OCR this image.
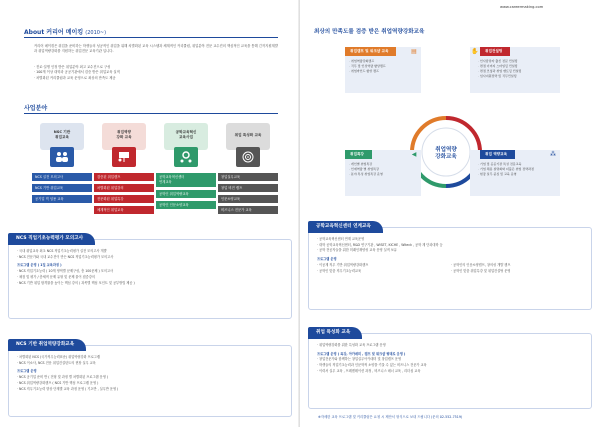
About 커리어 메이킹 (2010~)
커리어 메이킹은 취업을 준비하는 학생들의 성공적인 취업을 위해 차별화된 교육 시스템과 체계적인 커리큘럼, 취업분야 전문 교수진의 핵심적인 교육을 통해 긴작지원계발과 취업역량강화를 지원하는 취업전문 교육기관 입니다.
· 진로·설명 인정 받은 취업분야 최고 교수진으로 구성
· 100개 이상 대학과 공공기관에서 검증 받은 취업교육 실적
· 차별화된 커리큘럼과 교육 운영으로 최상의 만족도 제공
사업분야
NSC 기반
취업교육
NCS 실전 모의고사
NCS 기반 취업교육
공기업 빅 임용 교육
취업역량
강화 교육
검증된 취업캠프
차별화된 취업강의
전문화된 취업특강
체계적인 취업교육
공학교육혁신
교육사업
공학교육혁신센터
연계교육
공학인 취업역량교육
공학인 인문소양교육
취업 특성화 교육
창업실무교육
창업 비전 캠프
인문소양교육
비즈니스 전문가 교육
NCS 직업기초능력평가 모의고사
· 국내 취업교육 최초 NCS 직업기초능력평가 실전 모의고사 개발
· NCS 전문가와 국내 교수진이 만든 NCS 직업기초능력평가 모의고사
프로그램 운영 ( 1일 교육과정 )
· NCS 직업기초능력 ( 10개 영역별 문제구성, 총 100문제 ) 모의고사
· 채점 및 평가 / 총체적 문제 유형 및 문제 풀이 집중강의
· NCS 기반 취업 합격률을 높이는 핵심 강의 ( 과목별 핵심 포인트 및 공부방법 제공 )
NCS 기반 취업역량강화교육
· 차별화된 NCS (국가직무능력표준) 취업역량강화 프로그램
· NCS 이소사, NCS 전문 취업컨설턴트의 현장 실무 교육
프로그램 운영
· NCS 공기업 준비 반 ( 전형 및 과정 별 차별화된 프로그램 운영 )
· NCS 취업역량강화캠프 ( NCS 기반 핵심 프로그램 운영 )
· NCS 직무기초능력 향상 단계별 교육 과정 운영 ( 기초반 , 실무반 운영 )
www.careermaking.com
최상의 만족도를 검증 받은 취업역량강화교육
취업역량
강화교육
취업캠프 및 워크샵 교육	▤
· 취업역량강화캠프
· 직무 및 인성역량 향상캠프
· 취업마인드 향상 캠프
취업컨설팅
✋
· 인사담당자 출신 전문 컨설팅
· 면접 이미지 스타일링 컨설팅
· 면접 코칭과 취업 멘토링 컨설팅
· 입사지원전략 및 직무컨설팅
취업특강	◀
· 개인별 취업특강
· 인재역량 별 취업특강
· 분야 특성 취업특강 운영
취업 역량교육	⁂
· 기업 및 공공기관 특성 전문교육
· 기업 채용 설명회와 더불은 취업 전략과정
· 현장 실무 중심 및 교육 운영
공학교육혁신센터 연계교육
· 공학교육혁신센터 연계 교육운영
· 대학 공학교육혁신센터, R&D 연구기관 , WISET, KICHE , Witeck , 공학 계 단과대학 등
· 공학 전공자들을 위한 미래인재양성 교육 운영 실적 보유
프로그램 운영
· 이공계 직무 기반 취업역량강화캠프
· 공학인 맞춤 직무기초능력교육
· 공학인의 인문소양캠프, 창의성 개발 캠프
· 공학인 맞춤 취업특강 및 취업컨설팅 운영
취업 특성화 교육
· 취업역량강화를 위한 특성화 교육 프로그램 운영
프로그램 운영 ( 특강, 아카데미 , 캠프 및 워크샵 형태로 운영 )
· 창업전문가와 함께하는 창업실무아카데미 및 창업캠프 운영
· 학생들의 직업기초능력과 인문학적 소양을 키울 수 있는 비즈니스 전문가 교육
· 이력서 실무 교육 , 프레젠테이션 과정 , 비즈니스 매너 교육 , 리더십 교육
※자세한 교육 프로그램 및 커리큘럼은 요청 시 제안서 형식으로 보내 드립니다 (문의 02-552-7519)
